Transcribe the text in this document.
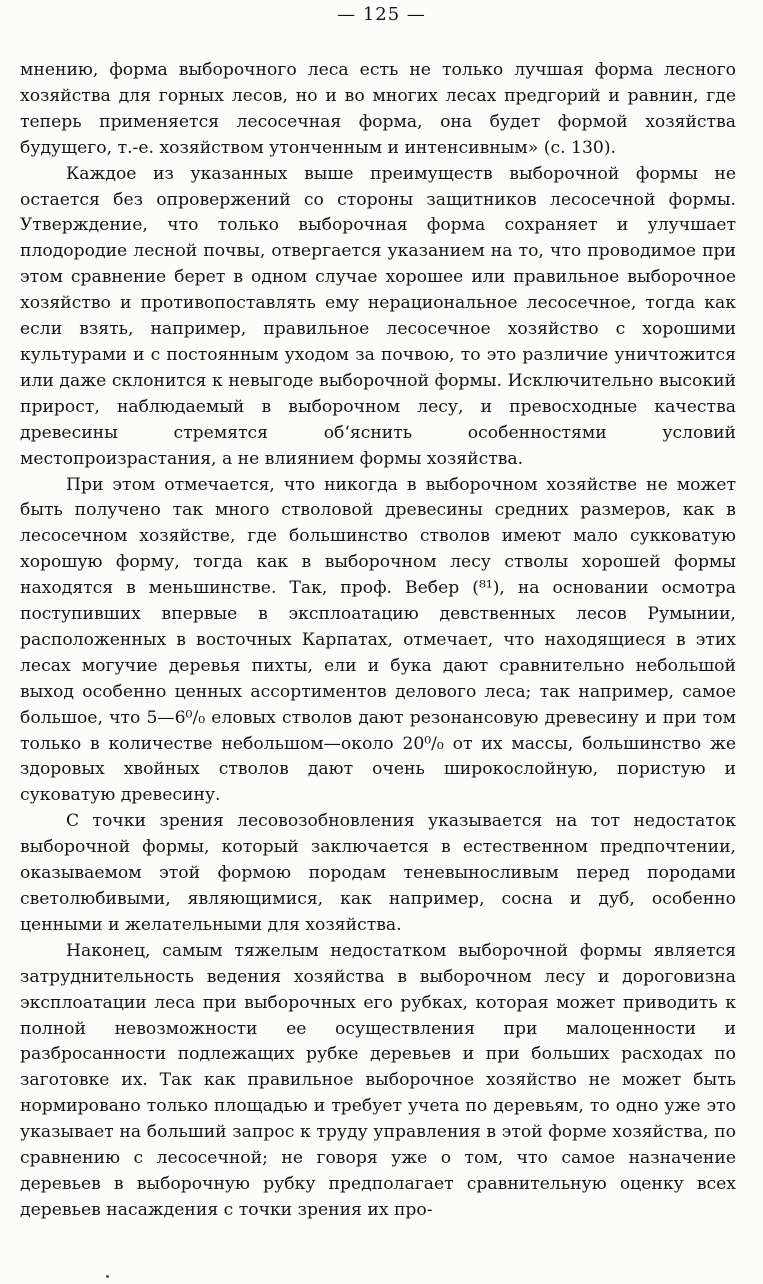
— 125 —

мнению, форма выборочного леса есть не только лучшая форма лесного хозяйства для горных лесов, но и во многих лесах предгорий и равнин, где теперь применяется лесосечная форма, она будет формой хозяйства будущего, т.-е. хозяйством утонченным и интенсивным» (с. 130).

Каждое из указанных выше преимуществ выборочной формы не остается без опровержений со стороны защитников лесосечной формы. Утверждение, что только выборочная форма сохраняет и улучшает плодородие лесной почвы, отвергается указанием на то, что проводимое при этом сравнение берет в одном случае хорошее или правильное выборочное хозяйство и противопоставлять ему нерациональное лесосечное, тогда как если взять, например, правильное лесосечное хозяйство с хорошими культурами и с постоянным уходом за почвою, то это различие уничтожится или даже склонится к невыгоде выборочной формы. Исключительно высокий прирост, наблюдаемый в выборочном лесу, и превосходные качества древесины стремятся об‘яснить особенностями условий местопроизрастания, а не влиянием формы хозяйства.

При этом отмечается, что никогда в выборочном хозяйстве не может быть получено так много стволовой древесины средних размеров, как в лесосечном хозяйстве, где большинство стволов имеют мало сукковатую хорошую форму, тогда как в выборочном лесу стволы хорошей формы находятся в меньшинстве. Так, проф. Вебер (⁸¹), на основании осмотра поступивших впервые в эксплоатацию девственных лесов Румынии, расположенных в восточных Карпатах, отмечает, что находящиеся в этих лесах могучие деревья пихты, ели и бука дают сравнительно небольшой выход особенно ценных ассортиментов делового леса; так например, самое большое, что 5—6⁰/₀ еловых стволов дают резонансовую древесину и при том только в количестве небольшом—около 20⁰/₀ от их массы, большинство же здоровых хвойных стволов дают очень широкослойную, пористую и суковатую древесину.

С точки зрения лесовозобновления указывается на тот недостаток выборочной формы, который заключается в естественном предпочтении, оказываемом этой формою породам теневыносливым перед породами светолюбивыми, являющимися, как например, сосна и дуб, особенно ценными и желательными для хозяйства.

Наконец, самым тяжелым недостатком выборочной формы является затруднительность ведения хозяйства в выборочном лесу и дороговизна эксплоатации леса при выборочных его рубках, которая может приводить к полной невозможности ее осуществления при малоценности и разбросанности подлежащих рубке деревьев и при больших расходах по заготовке их. Так как правильное выборочное хозяйство не может быть нормировано только площадью и требует учета по деревьям, то одно уже это указывает на больший запрос к труду управления в этой форме хозяйства, по сравнению с лесосечной; не говоря уже о том, что самое назначение деревьев в выборочную рубку предполагает сравнительную оценку всех деревьев насаждения с точки зрения их про-
